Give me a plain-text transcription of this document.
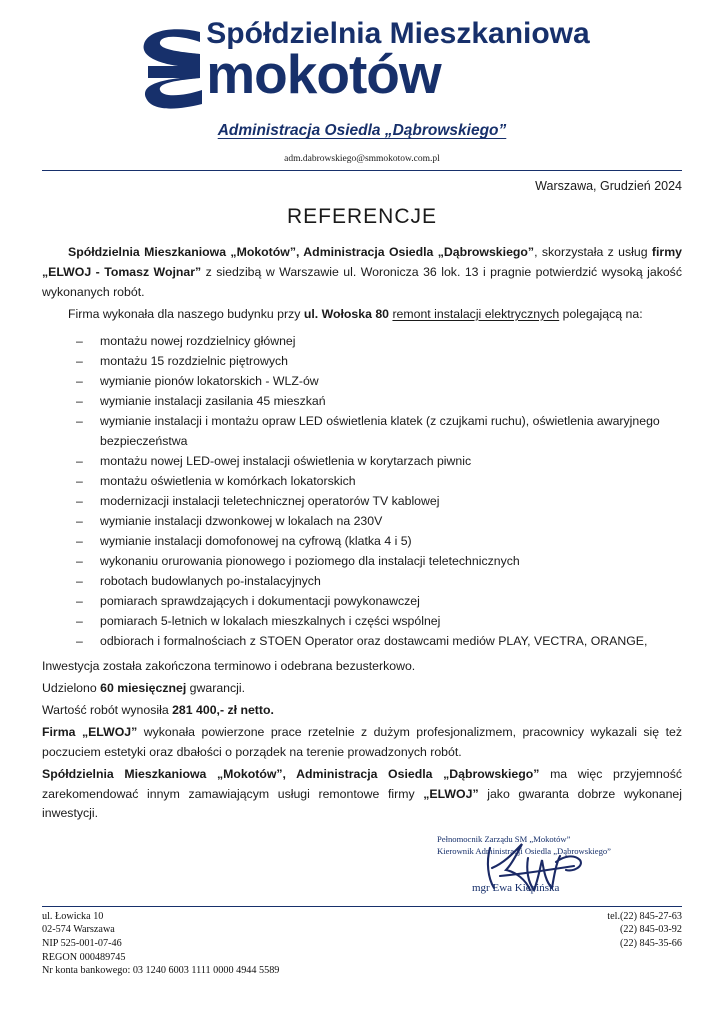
Spółdzielnia Mieszkaniowa
mokotów
Administracja Osiedla „Dąbrowskiego”
adm.dabrowskiego@smmokotow.com.pl
Warszawa, Grudzień 2024
REFERENCJE

Spółdzielnia Mieszkaniowa „Mokotów”, Administracja Osiedla „Dąbrowskiego”, skorzystała z usług firmy „ELWOJ - Tomasz Wojnar” z siedzibą w Warszawie ul. Woronicza 36 lok. 13 i pragnie potwierdzić wysoką jakość wykonanych robót.

Firma wykonała dla naszego budynku przy ul. Wołoska 80 remont instalacji elektrycznych polegającą na:

– montażu nowej rozdzielnicy głównej
– montażu 15 rozdzielnic piętrowych
– wymianie pionów lokatorskich - WLZ-ów
– wymianie instalacji zasilania 45 mieszkań
– wymianie instalacji i montażu opraw LED oświetlenia klatek (z czujkami ruchu), oświetlenia awaryjnego bezpieczeństwa
– montażu nowej LED-owej instalacji oświetlenia w korytarzach piwnic
– montażu oświetlenia w komórkach lokatorskich
– modernizacji instalacji teletechnicznej operatorów TV kablowej
– wymianie instalacji dzwonkowej w lokalach na 230V
– wymianie instalacji domofonowej na cyfrową (klatka 4 i 5)
– wykonaniu orurowania pionowego i poziomego dla instalacji teletechnicznych
– robotach budowlanych po-instalacyjnych
– pomiarach sprawdzających i dokumentacji powykonawczej
– pomiarach 5-letnich w lokalach mieszkalnych i części wspólnej
– odbiorach i formalnościach z STOEN Operator oraz dostawcami mediów PLAY, VECTRA, ORANGE,

Inwestycja została zakończona terminowo i odebrana bezusterkowo.

Udzielono 60 miesięcznej gwarancji.

Wartość robót wynosiła 281 400,- zł netto.

Firma „ELWOJ” wykonała powierzone prace rzetelnie z dużym profesjonalizmem, pracownicy wykazali się też poczuciem estetyki oraz dbałości o porządek na terenie prowadzonych robót.

Spółdzielnia Mieszkaniowa „Mokotów”, Administracja Osiedla „Dąbrowskiego” ma więc przyjemność zarekomendować innym zamawiającym usługi remontowe firmy „ELWOJ” jako gwaranta dobrze wykonanej inwestycji.

Pełnomocnik Zarządu SM „Mokotów”
Kierownik Administracji Osiedla „Dąbrowskiego”
mgr Ewa Kiepińska
ul. Łowicka 10
02-574 Warszawa
NIP 525-001-07-46
REGON 000489745
Nr konta bankowego: 03 1240 6003 1111 0000 4944 5589
tel.(22) 845-27-63
(22) 845-03-92
(22) 845-35-66
